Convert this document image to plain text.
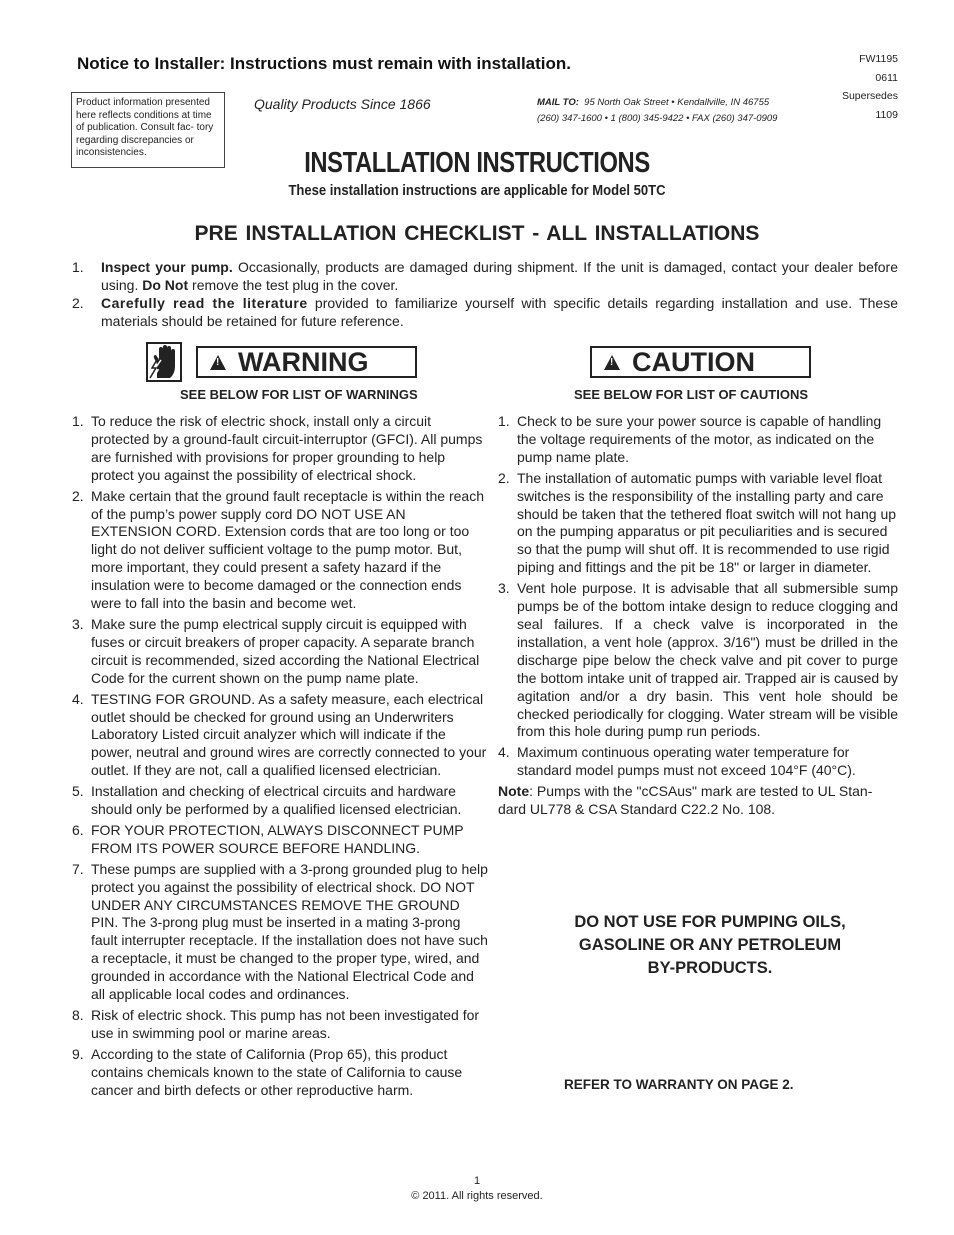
Notice to Installer: Instructions must remain with installation.	FW1195
0611
Supersedes
1109
Product information presented here reflects conditions at time of publication. Consult fac- tory regarding discrepancies or inconsistencies.
Quality Products Since 1866	MAIL TO: 95 North Oak Street • Kendallville, IN 46755
(260) 347-1600 • 1 (800) 345-9422 • FAX (260) 347-0909
INSTALLATION INSTRUCTIONS
These installation instructions are applicable for Model 50TC
PRE INSTALLATION CHECKLIST - ALL INSTALLATIONS
1.	Inspect your pump. Occasionally, products are damaged during shipment. If the unit is damaged, contact your dealer before using. Do Not remove the test plug in the cover.
2.	Carefully read the literature provided to familiarize yourself with specific details regarding installation and use. These materials should be retained for future reference.
!
WARNING
!	CAUTION
SEE BELOW FOR LIST OF WARNINGS	SEE BELOW FOR LIST OF CAUTIONS
1. To reduce the risk of electric shock, install only a circuit protected by a ground-fault circuit-interruptor (GFCI). All pumps are furnished with provisions for proper grounding to help protect you against the possibility of electrical shock.
2. Make certain that the ground fault receptacle is within the reach of the pump’s power supply cord DO NOT USE AN EXTENSION CORD. Extension cords that are too long or too light do not deliver sufficient voltage to the pump motor. But, more important, they could present a safety hazard if the insulation were to become damaged or the connection ends were to fall into the basin and become wet.
3. Make sure the pump electrical supply circuit is equipped with fuses or circuit breakers of proper capacity. A separate branch circuit is recommended, sized according the National Electrical Code for the current shown on the pump name plate.
4. TESTING FOR GROUND. As a safety measure, each electrical outlet should be checked for ground using an Underwriters Laboratory Listed circuit analyzer which will indicate if the power, neutral and ground wires are correctly connected to your outlet. If they are not, call a qualified licensed electrician.
5. Installation and checking of electrical circuits and hardware should only be performed by a qualified licensed electrician.
6. FOR YOUR PROTECTION, ALWAYS DISCONNECT PUMP FROM ITS POWER SOURCE BEFORE HANDLING.
7. These pumps are supplied with a 3-prong grounded plug to help protect you against the possibility of electrical shock. DO NOT UNDER ANY CIRCUMSTANCES REMOVE THE GROUND PIN. The 3-prong plug must be inserted in a mating 3-prong fault interrupter receptacle. If the installation does not have such a receptacle, it must be changed to the proper type, wired, and grounded in accordance with the National Electrical Code and all applicable local codes and ordinances.
8. Risk of electric shock. This pump has not been investigated for use in swimming pool or marine areas.
9. According to the state of California (Prop 65), this product contains chemicals known to the state of California to cause cancer and birth defects or other reproductive harm.
1. Check to be sure your power source is capable of handling the voltage requirements of the motor, as indicated on the pump name plate.
2. The installation of automatic pumps with variable level float switches is the responsibility of the installing party and care should be taken that the tethered float switch will not hang up on the pumping apparatus or pit peculiarities and is secured so that the pump will shut off. It is recommended to use rigid piping and fittings and the pit be 18" or larger in diameter.
3. Vent hole purpose. It is advisable that all submersible sump pumps be of the bottom intake design to reduce clogging and seal failures. If a check valve is incorporated in the installation, a vent hole (approx. 3/16") must be drilled in the discharge pipe below the check valve and pit cover to purge the bottom intake unit of trapped air. Trapped air is caused by agitation and/or a dry basin. This vent hole should be checked periodically for clogging. Water stream will be visible from this hole during pump run periods.
4. Maximum continuous operating water temperature for standard model pumps must not exceed 104°F (40°C).
Note: Pumps with the "cCSAus" mark are tested to UL Stan- dard UL778 & CSA Standard C22.2 No. 108.
DO NOT USE FOR PUMPING OILS,
GASOLINE OR ANY PETROLEUM
BY-PRODUCTS.
REFER TO WARRANTY ON PAGE 2.
1
© 2011. All rights reserved.
